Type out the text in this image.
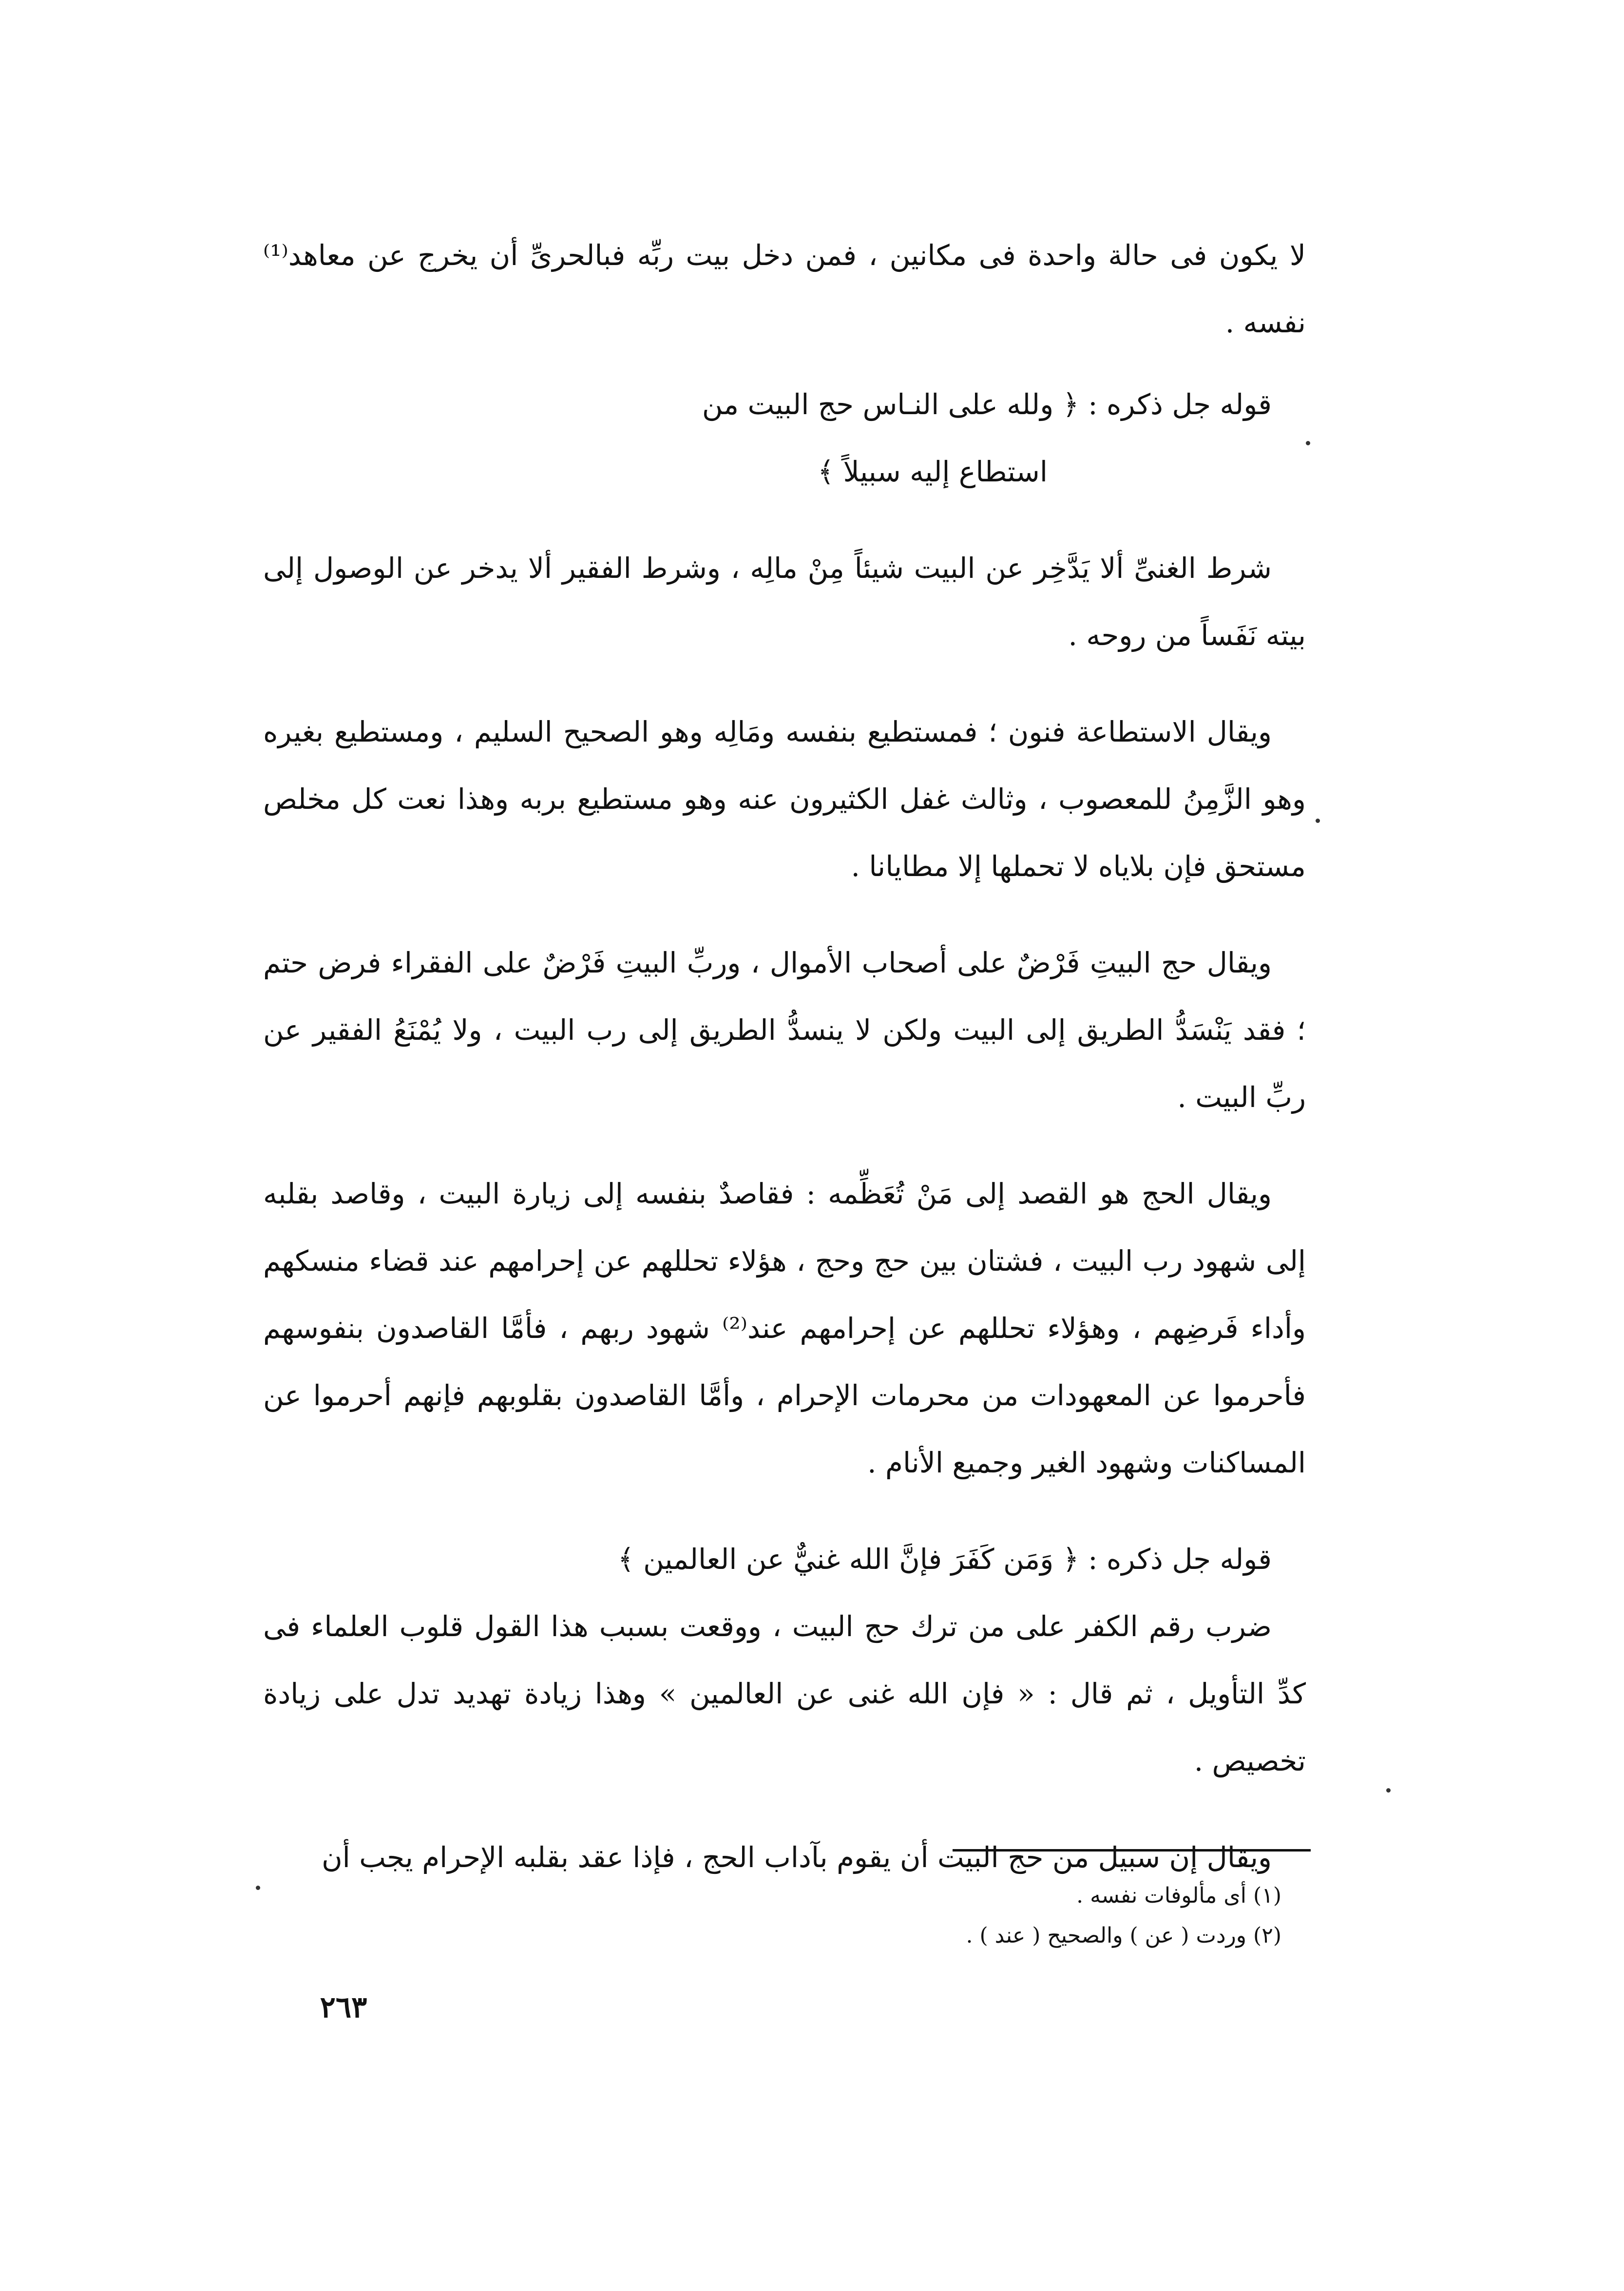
لا يكون فى حالة واحدة فى مكانين ، فمن دخل بيت ربِّه فبالحرىِّ أن يخرج عن معاهد⁽¹⁾ نفسه .

قوله جل ذكره : ﴿ ولله على النـاس حج البيت من

استطاع إليه سبيلاً ﴾

شرط الغنىِّ ألا يَدَّخِر عن البيت شيئاً مِنْ مالِه ، وشرط الفقير ألا يدخر عن الوصول إلى بيته نَفَساً من روحه .

ويقال الاستطاعة فنون ؛ فمستطيع بنفسه ومَالِه وهو الصحيح السليم ، ومستطيع بغيره وهو الزَّمِنُ للمعصوب ، وثالث غفل الكثيرون عنه وهو مستطيع بربه وهذا نعت كل مخلص مستحق فإن بلاياه لا تحملها إلا مطايانا .

ويقال حج البيتِ فَرْضٌ على أصحاب الأموال ، وربِّ البيتِ فَرْضٌ على الفقراء فرض حتم ؛ فقد يَنْسَدُّ الطريق إلى البيت ولكن لا ينسدُّ الطريق إلى رب البيت ، ولا يُمْنَعُ الفقير عن ربِّ البيت .

ويقال الحج هو القصد إلى مَنْ تُعَظِّمه : فقاصدٌ بنفسه إلى زيارة البيت ، وقاصد بقلبه إلى شهود رب البيت ، فشتان بين حج وحج ، هؤلاء تحللهم عن إحرامهم عند قضاء منسكهم وأداء فَرضِهم ، وهؤلاء تحللهم عن إحرامهم عند⁽²⁾ شهود ربهم ، فأمَّا القاصدون بنفوسهم فأحرموا عن المعهودات من محرمات الإحرام ، وأمَّا القاصدون بقلوبهم فإنهم أحرموا عن المساكنات وشهود الغير وجميع الأنام .

قوله جل ذكره : ﴿ وَمَن كَفَرَ فإنَّ الله غنيٌّ عن العالمين ﴾

ضرب رقم الكفر على من ترك حج البيت ، ووقعت بسبب هذا القول قلوب العلماء فى كدِّ التأويل ، ثم قال : « فإن الله غنى عن العالمين » وهذا زيادة تهديد تدل على زيادة تخصيص .

ويقال إن سبيل من حج البيت أن يقوم بآداب الحج ، فإذا عقد بقلبه الإحرام يجب أن

(١) أى مألوفات نفسه .

(٢) وردت ( عن ) والصحيح ( عند ) .

٢٦٣
